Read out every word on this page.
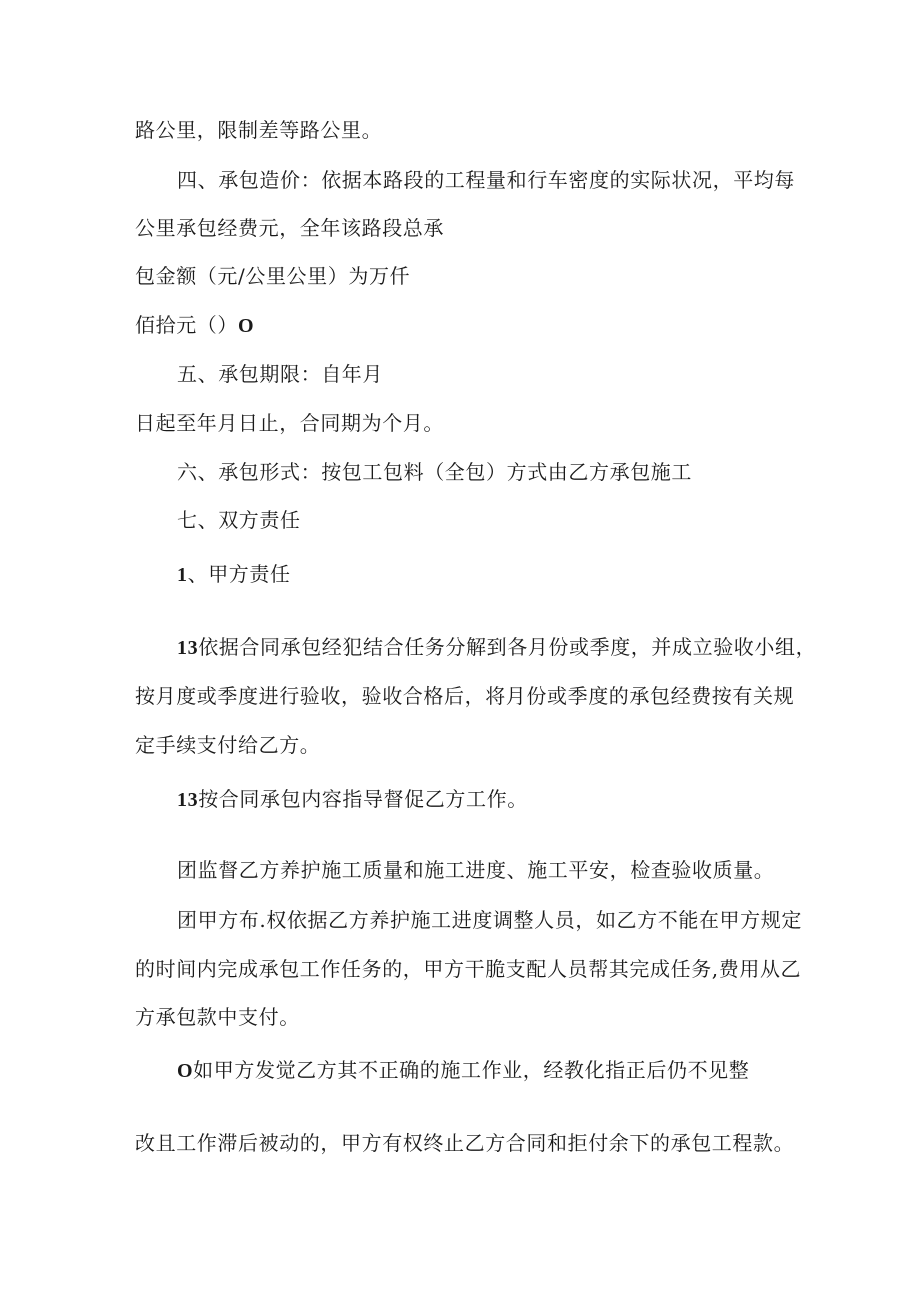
路公里，限制差等路公里。
四、承包造价：依据本路段的工程量和行车密度的实际状况，平均每
公里承包经费元，全年该路段总承
包金额（元/公里公里）为万仟
佰拾元（）O
五、承包期限：自年月
日起至年月日止，合同期为个月。
六、承包形式：按包工包料（全包）方式由乙方承包施工
七、双方责任
1、甲方责任
13依据合同承包经犯结合任务分解到各月份或季度，并成立验收小组，
按月度或季度进行验收，验收合格后，将月份或季度的承包经费按有关规
定手续支付给乙方。
13按合同承包内容指导督促乙方工作。
团监督乙方养护施工质量和施工进度、施工平安，检查验收质量。
团甲方布.权依据乙方养护施工进度调整人员，如乙方不能在甲方规定
的时间内完成承包工作任务的，甲方干脆支配人员帮其完成任务,费用从乙
方承包款中支付。
O如甲方发觉乙方其不正确的施工作业，经教化指正后仍不见整
改且工作滞后被动的，甲方有权终止乙方合同和拒付余下的承包工程款。
